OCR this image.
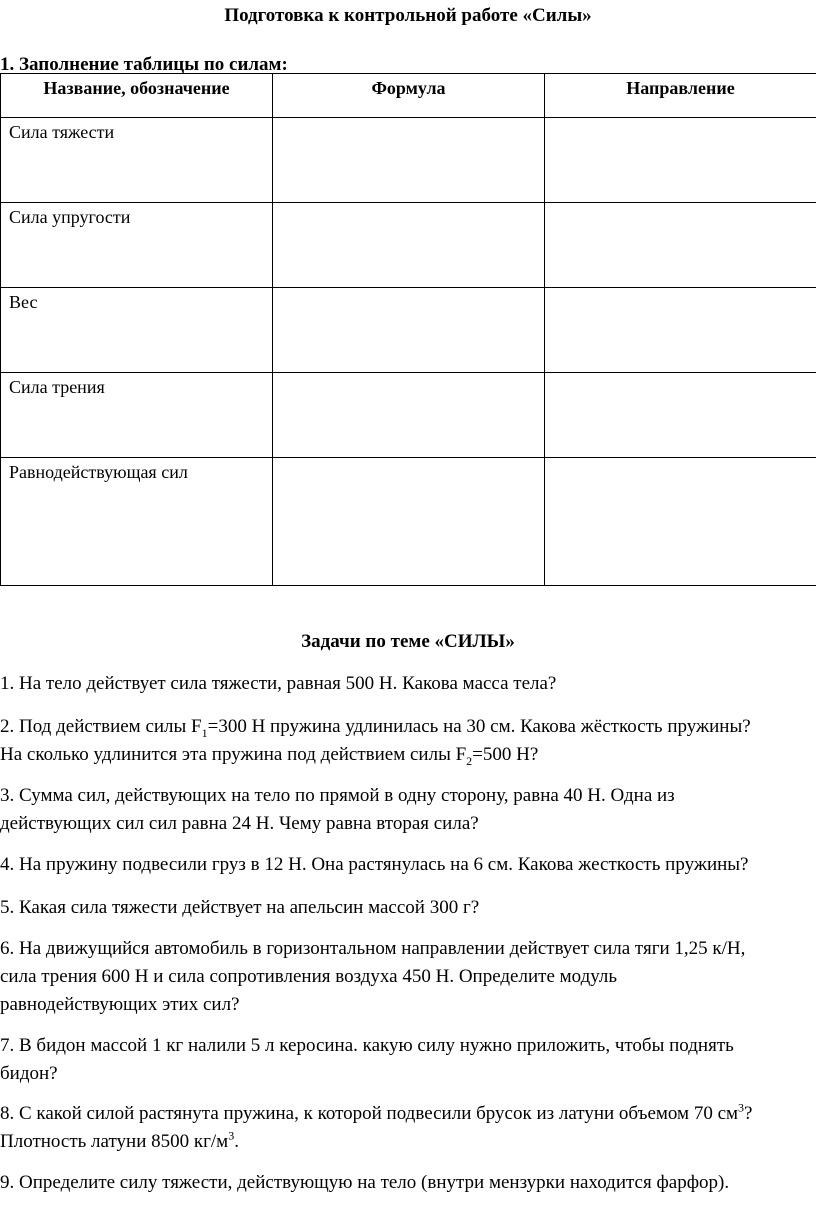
Подготовка к контрольной работе «Силы»
1. Заполнение таблицы по силам:
Название, обозначение	Формула	Направление
Сила тяжести		
Сила упругости		
Вес		
Сила трения		
Равнодействующая сил		
Задачи по теме «СИЛЫ»
1. На тело действует сила тяжести, равная 500 Н. Какова масса тела?
2. Под действием силы $F_1=300$ Н пружина удлинилась на 30 см. Какова жёсткость пружины?
На сколько удлинится эта пружина под действием силы $F_2=500$ Н?
3. Сумма сил, действующих на тело по прямой в одну сторону, равна 40 Н. Одна из
действующих сил сил равна 24 Н. Чему равна вторая сила?
4. На пружину подвесили груз в 12 Н. Она растянулась на 6 см. Какова жесткость пружины?
5. Какая сила тяжести действует на апельсин массой 300 г?
6. На движущийся автомобиль в горизонтальном направлении действует сила тяги 1,25 к/Н,
сила трения 600 Н и сила сопротивления воздуха 450 Н. Определите модуль
равнодействующих этих сил?
7. В бидон массой 1 кг налили 5 л керосина. какую силу нужно приложить, чтобы поднять
бидон?
8. С какой силой растянута пружина, к которой подвесили брусок из латуни объемом 70 $см^3$?
Плотность латуни 8500 $кг/м^3$.
9. Определите силу тяжести, действующую на тело (внутри мензурки находится фарфор).
